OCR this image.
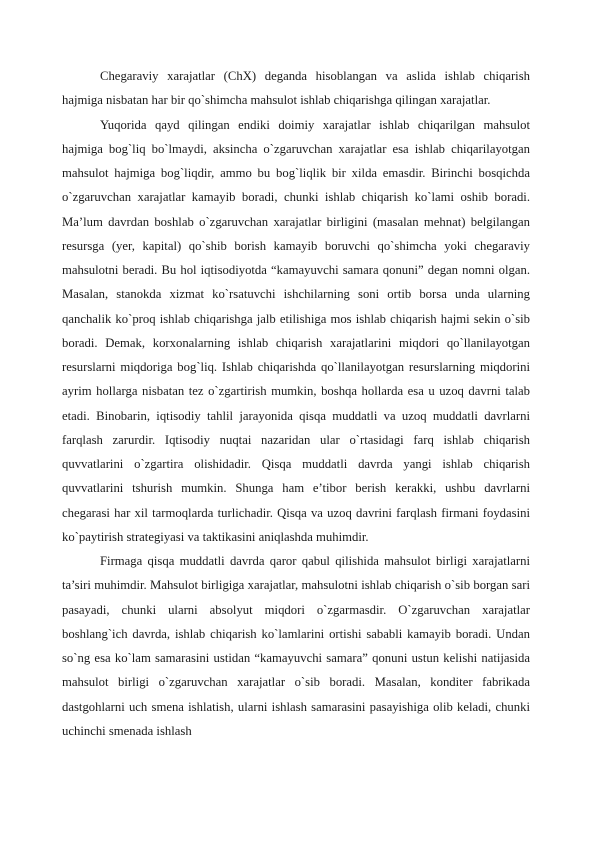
Chegaraviy xarajatlar (ChX) deganda hisoblangan va aslida ishlab chiqarish hajmiga nisbatan har bir qo`shimcha mahsulot ishlab chiqarishga qilingan xarajatlar.

Yuqorida qayd qilingan endiki doimiy xarajatlar ishlab chiqarilgan mahsulot hajmiga bog`liq bo`lmaydi, aksincha o`zgaruvchan xarajatlar esa ishlab chiqarilayotgan mahsulot hajmiga bog`liqdir, ammo bu bog`liqlik bir xilda emasdir. Birinchi bosqichda o`zgaruvchan xarajatlar kamayib boradi, chunki ishlab chiqarish ko`lami oshib boradi. Ma’lum davrdan boshlab o`zgaruvchan xarajatlar birligini (masalan mehnat) belgilangan resursga (yer, kapital) qo`shib borish kamayib boruvchi qo`shimcha yoki chegaraviy mahsulotni beradi. Bu hol iqtisodiyotda “kamayuvchi samara qonuni” degan nomni olgan. Masalan, stanokda xizmat ko`rsatuvchi ishchilarning soni ortib borsa unda ularning qanchalik ko`proq ishlab chiqarishga jalb etilishiga mos ishlab chiqarish hajmi sekin o`sib boradi. Demak, korxonalarning ishlab chiqarish xarajatlarini miqdori qo`llanilayotgan resurslarni miqdoriga bog`liq. Ishlab chiqarishda qo`llanilayotgan resurslarning miqdorini ayrim hollarga nisbatan tez o`zgartirish mumkin, boshqa hollarda esa u uzoq davrni talab etadi. Binobarin, iqtisodiy tahlil jarayonida qisqa muddatli va uzoq muddatli davrlarni farqlash zarurdir. Iqtisodiy nuqtai nazaridan ular o`rtasidagi farq ishlab chiqarish quvvatlarini o`zgartira olishidadir. Qisqa muddatli davrda yangi ishlab chiqarish quvvatlarini tshurish mumkin. Shunga ham e’tibor berish kerakki, ushbu davrlarni chegarasi har xil tarmoqlarda turlichadir. Qisqa va uzoq davrini farqlash firmani foydasini ko`paytirish strategiyasi va taktikasini aniqlashda muhimdir.

Firmaga qisqa muddatli davrda qaror qabul qilishida mahsulot birligi xarajatlarni ta’siri muhimdir. Mahsulot birligiga xarajatlar, mahsulotni ishlab chiqarish o`sib borgan sari pasayadi, chunki ularni absolyut miqdori o`zgarmasdir. O`zgaruvchan xarajatlar boshlang`ich davrda, ishlab chiqarish ko`lamlarini ortishi sababli kamayib boradi. Undan so`ng esa ko`lam samarasini ustidan “kamayuvchi samara” qonuni ustun kelishi natijasida mahsulot birligi o`zgaruvchan xarajatlar o`sib boradi. Masalan, konditer fabrikada dastgohlarni uch smena ishlatish, ularni ishlash samarasini pasayishiga olib keladi, chunki uchinchi smenada ishlash
